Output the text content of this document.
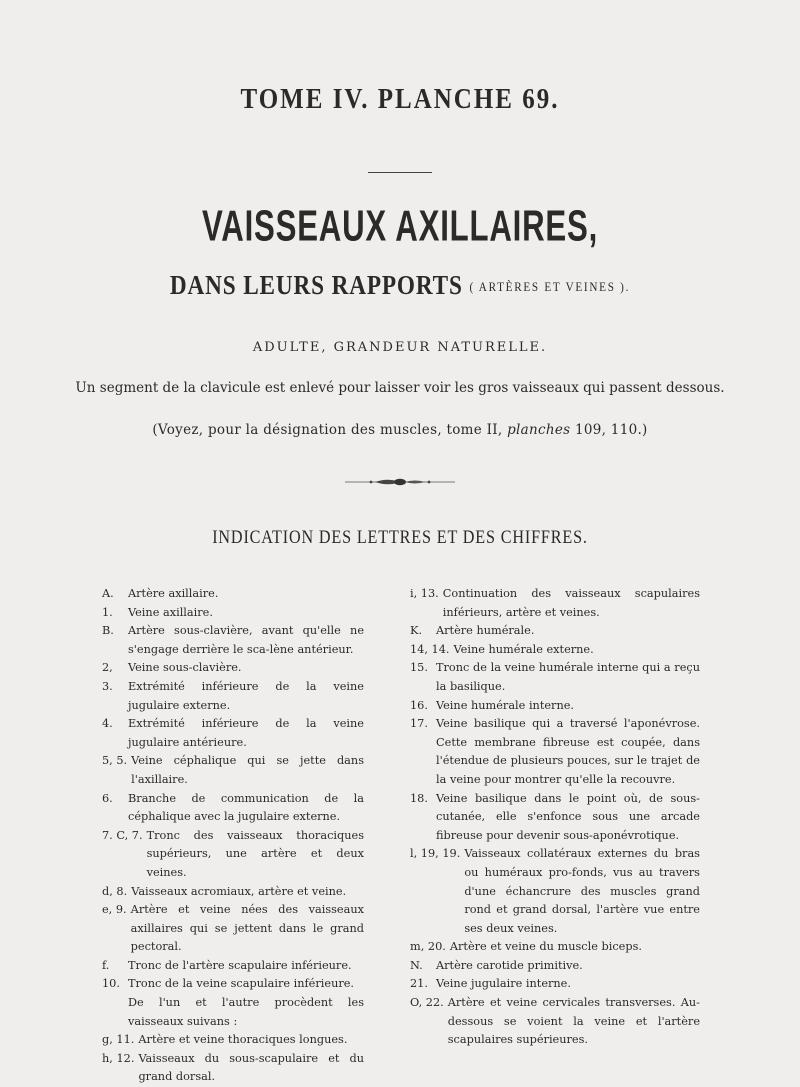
TOME IV. PLANCHE 69.
VAISSEAUX AXILLAIRES,
DANS LEURS RAPPORTS ( ARTÈRES ET VEINES ).
ADULTE, GRANDEUR NATURELLE.
Un segment de la clavicule est enlevé pour laisser voir les gros vaisseaux qui passent dessous.
(Voyez, pour la désignation des muscles, tome II, planches 109, 110.)
INDICATION DES LETTRES ET DES CHIFFRES.
A.	Artère axillaire.
1.	Veine axillaire.
B.	Artère sous-clavière, avant qu'elle ne s'engage derrière le sca-lène antérieur.
2,	Veine sous-clavière.
3.	Extrémité inférieure de la veine jugulaire externe.
4.	Extrémité inférieure de la veine jugulaire antérieure.
5, 5. Veine céphalique qui se jette dans l'axillaire.
6.	Branche de communication de la céphalique avec la jugulaire externe.
7. C, 7. Tronc des vaisseaux thoraciques supérieurs, une artère et deux veines.
d, 8. Vaisseaux acromiaux, artère et veine.
e, 9. Artère et veine nées des vaisseaux axillaires qui se jettent dans le grand pectoral.
f.	Tronc de l'artère scapulaire inférieure.
10. Tronc de la veine scapulaire inférieure.
De l'un et l'autre procèdent les vaisseaux suivans :
g, 11. Artère et veine thoraciques longues.
h, 12. Vaisseaux du sous-scapulaire et du grand dorsal.
i, 13. Continuation des vaisseaux scapulaires inférieurs, artère et veines.
K.	Artère humérale.
14, 14. Veine humérale externe.
15. Tronc de la veine humérale interne qui a reçu la basilique.
16. Veine humérale interne.
17. Veine basilique qui a traversé l'aponévrose. Cette membrane fibreuse est coupée, dans l'étendue de plusieurs pouces, sur le trajet de la veine pour montrer qu'elle la recouvre.
18. Veine basilique dans le point où, de sous-cutanée, elle s'enfonce sous une arcade fibreuse pour devenir sous-aponévrotique.
l, 19, 19. Vaisseaux collatéraux externes du bras ou huméraux pro-fonds, vus au travers d'une échancrure des muscles grand rond et grand dorsal, l'artère vue entre ses deux veines.
m, 20. Artère et veine du muscle biceps.
N.	Artère carotide primitive.
21. Veine jugulaire interne.
O, 22. Artère et veine cervicales transverses. Au-dessous se voient la veine et l'artère scapulaires supérieures.
